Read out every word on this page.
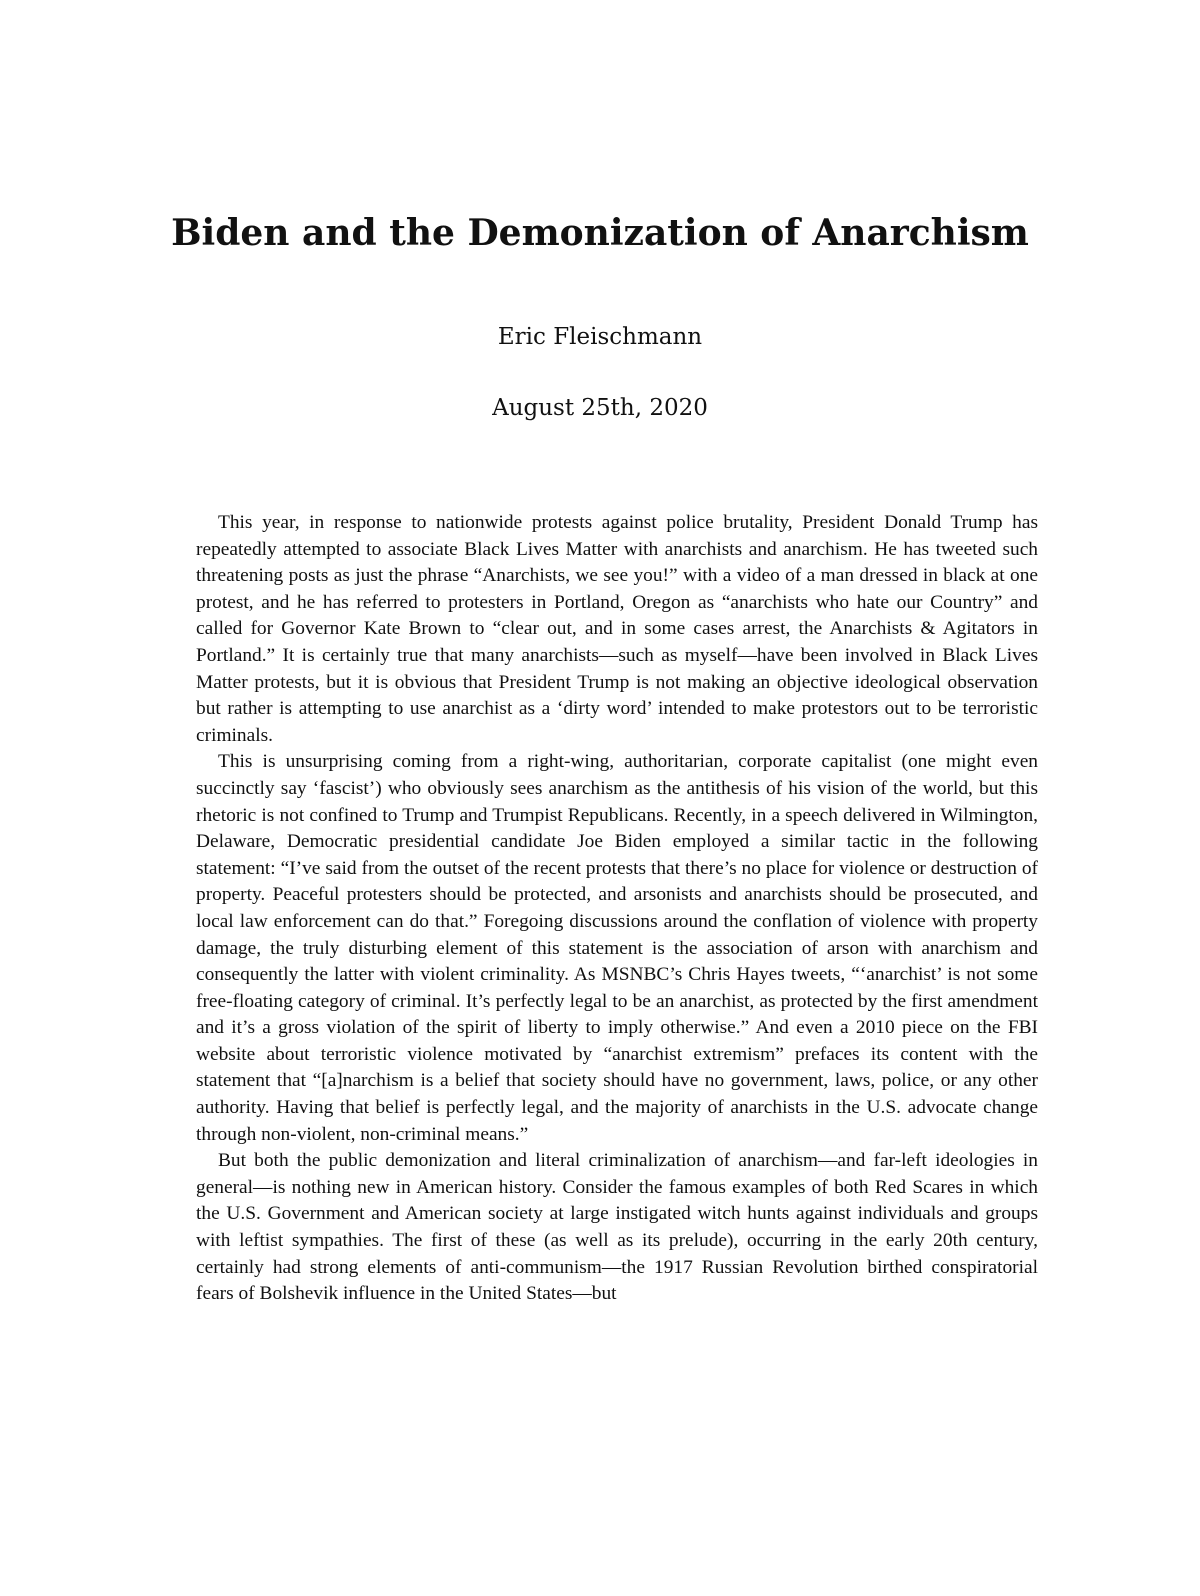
Biden and the Demonization of Anarchism
Eric Fleischmann
August 25th, 2020

This year, in response to nationwide protests against police brutality, President Donald Trump has repeatedly attempted to associate Black Lives Matter with anarchists and anarchism. He has tweeted such threatening posts as just the phrase “Anarchists, we see you!” with a video of a man dressed in black at one protest, and he has referred to protesters in Portland, Oregon as “anarchists who hate our Country” and called for Governor Kate Brown to “clear out, and in some cases arrest, the Anarchists & Agitators in Portland.” It is certainly true that many anarchists—such as myself—have been involved in Black Lives Matter protests, but it is obvious that President Trump is not making an objective ideological observation but rather is attempting to use anarchist as a ‘dirty word’ intended to make protestors out to be terroristic criminals.

This is unsurprising coming from a right-wing, authoritarian, corporate capitalist (one might even succinctly say ‘fascist’) who obviously sees anarchism as the antithesis of his vision of the world, but this rhetoric is not confined to Trump and Trumpist Republicans. Recently, in a speech delivered in Wilmington, Delaware, Democratic presidential candidate Joe Biden employed a similar tactic in the following statement: “I’ve said from the outset of the recent protests that there’s no place for violence or destruction of property. Peaceful protesters should be protected, and arsonists and anarchists should be prosecuted, and local law enforcement can do that.” Foregoing discussions around the conflation of violence with property damage, the truly disturbing element of this statement is the association of arson with anarchism and consequently the latter with violent criminality. As MSNBC’s Chris Hayes tweets, “‘anarchist’ is not some free-floating category of criminal. It’s perfectly legal to be an anarchist, as protected by the first amendment and it’s a gross violation of the spirit of liberty to imply otherwise.” And even a 2010 piece on the FBI website about terroristic violence motivated by “anarchist extremism” prefaces its content with the statement that “[a]narchism is a belief that society should have no government, laws, police, or any other authority. Having that belief is perfectly legal, and the majority of anarchists in the U.S. advocate change through non-violent, non-criminal means.”

But both the public demonization and literal criminalization of anarchism—and far-left ideologies in general—is nothing new in American history. Consider the famous examples of both Red Scares in which the U.S. Government and American society at large instigated witch hunts against individuals and groups with leftist sympathies. The first of these (as well as its prelude), occurring in the early 20th century, certainly had strong elements of anti-communism—the 1917 Russian Revolution birthed conspiratorial fears of Bolshevik influence in the United States—but
